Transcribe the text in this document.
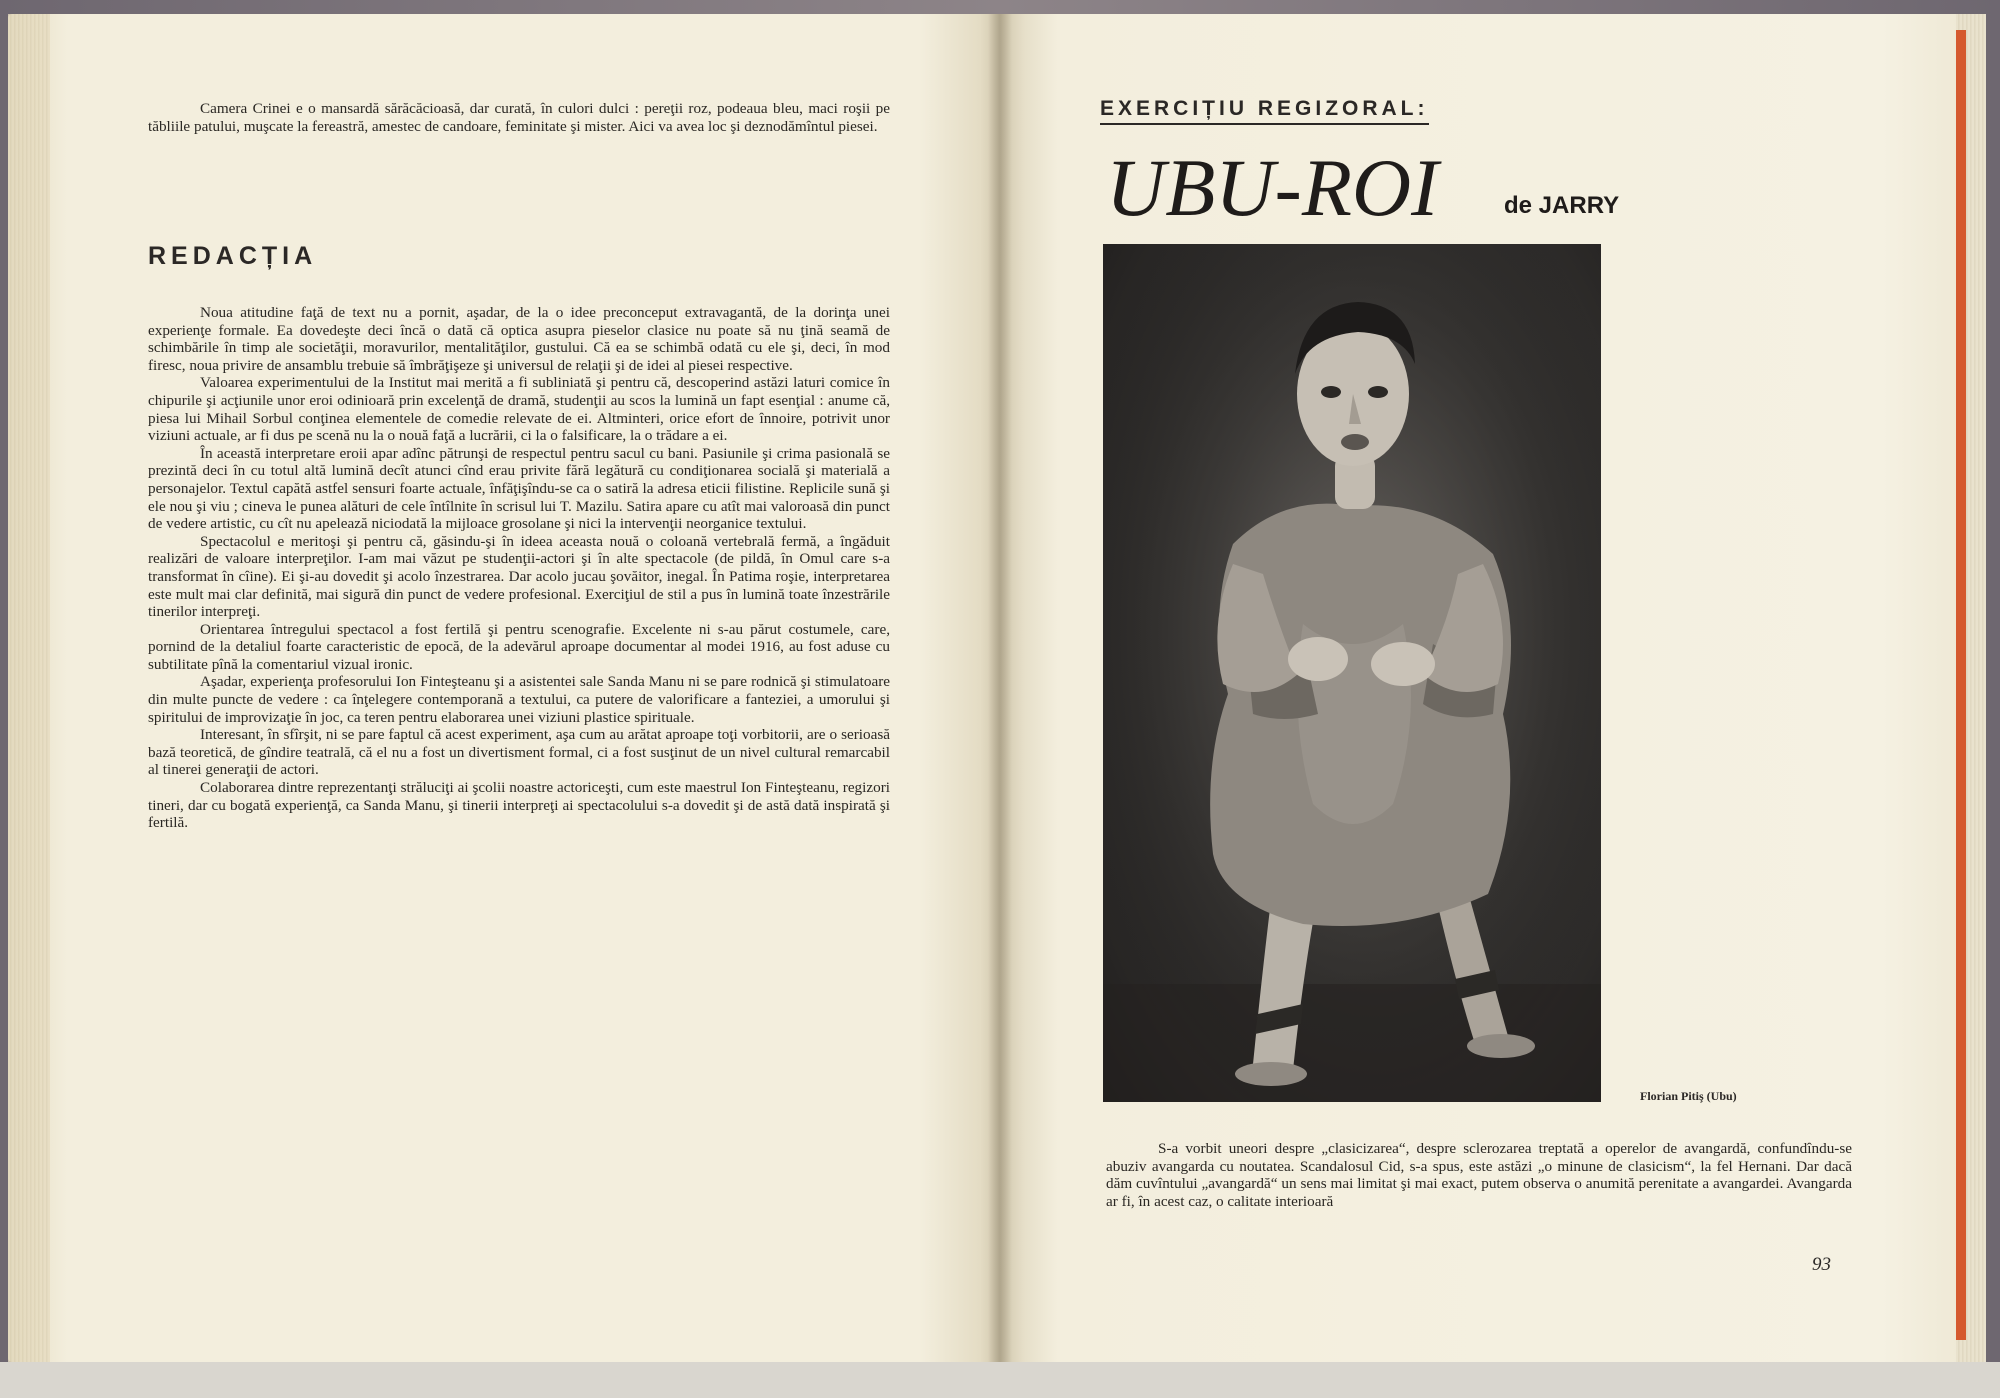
Camera Crinei e o mansardă sărăcăcioasă, dar curată, în culori dulci : pereţii roz, podeaua bleu, maci roşii pe tăbliile patului, muşcate la fereastră, amestec de candoare, feminitate şi mister. Aici va avea loc şi deznodămîntul piesei.

REDACȚIA

Noua atitudine faţă de text nu a pornit, aşadar, de la o idee preconceput extravagantă, de la dorinţa unei experienţe formale. Ea dovedeşte deci încă o dată că optica asupra pieselor clasice nu poate să nu ţină seamă de schimbările în timp ale societăţii, moravurilor, mentalităţilor, gustului. Că ea se schimbă odată cu ele şi, deci, în mod firesc, noua privire de ansamblu trebuie să îmbrăţişeze şi universul de relaţii şi de idei al piesei respective.

Valoarea experimentului de la Institut mai merită a fi subliniată şi pentru că, descoperind astăzi laturi comice în chipurile şi acţiunile unor eroi odinioară prin excelenţă de dramă, studenţii au scos la lumină un fapt esenţial : anume că, piesa lui Mihail Sorbul conţinea elementele de comedie relevate de ei. Altminteri, orice efort de înnoire, potrivit unor viziuni actuale, ar fi dus pe scenă nu la o nouă faţă a lucrării, ci la o falsificare, la o trădare a ei.

În această interpretare eroii apar adînc pătrunşi de respectul pentru sacul cu bani. Pasiunile şi crima pasională se prezintă deci în cu totul altă lumină decît atunci cînd erau privite fără legătură cu condiţionarea socială şi materială a personajelor. Textul capătă astfel sensuri foarte actuale, înfăţişîndu-se ca o satiră la adresa eticii filistine. Replicile sună şi ele nou şi viu ; cineva le punea alături de cele întîlnite în scrisul lui T. Mazilu. Satira apare cu atît mai valoroasă din punct de vedere artistic, cu cît nu apelează niciodată la mijloace grosolane şi nici la intervenţii neorganice textului.

Spectacolul e meritoşi şi pentru că, găsindu-şi în ideea aceasta nouă o coloană vertebrală fermă, a îngăduit realizări de valoare interpreţilor. I-am mai văzut pe studenţii-actori şi în alte spectacole (de pildă, în Omul care s-a transformat în cîine). Ei şi-au dovedit şi acolo înzestrarea. Dar acolo jucau şovăitor, inegal. În Patima roşie, interpretarea este mult mai clar definită, mai sigură din punct de vedere profesional. Exerciţiul de stil a pus în lumină toate înzestrările tinerilor interpreţi.

Orientarea întregului spectacol a fost fertilă şi pentru scenografie. Excelente ni s-au părut costumele, care, pornind de la detaliul foarte caracteristic de epocă, de la adevărul aproape documentar al modei 1916, au fost aduse cu subtilitate pînă la comentariul vizual ironic.

Aşadar, experienţa profesorului Ion Finteşteanu şi a asistentei sale Sanda Manu ni se pare rodnică şi stimulatoare din multe puncte de vedere : ca înţelegere contemporană a textului, ca putere de valorificare a fanteziei, a umorului şi spiritului de improvizaţie în joc, ca teren pentru elaborarea unei viziuni plastice spirituale.

Interesant, în sfîrşit, ni se pare faptul că acest experiment, aşa cum au arătat aproape toţi vorbitorii, are o serioasă bază teoretică, de gîndire teatrală, că el nu a fost un divertisment formal, ci a fost susţinut de un nivel cultural remarcabil al tinerei generaţii de actori.

Colaborarea dintre reprezentanţi străluciţi ai şcolii noastre actoriceşti, cum este maestrul Ion Finteşteanu, regizori tineri, dar cu bogată experienţă, ca Sanda Manu, şi tinerii interpreţi ai spectacolului s-a dovedit şi de astă dată inspirată şi fertilă.

EXERCIȚIU REGIZORAL:
UBU-ROI	de JARRY
Florian Pitiş (Ubu)

S-a vorbit uneori despre „clasicizarea“, despre sclerozarea treptată a operelor de avangardă, confundîndu-se abuziv avangarda cu noutatea. Scandalosul Cid, s-a spus, este astăzi „o minune de clasicism“, la fel Hernani. Dar dacă dăm cuvîntului „avangardă“ un sens mai limitat şi mai exact, putem observa o anumită perenitate a avangardei. Avangarda ar fi, în acest caz, o calitate interioară

93
